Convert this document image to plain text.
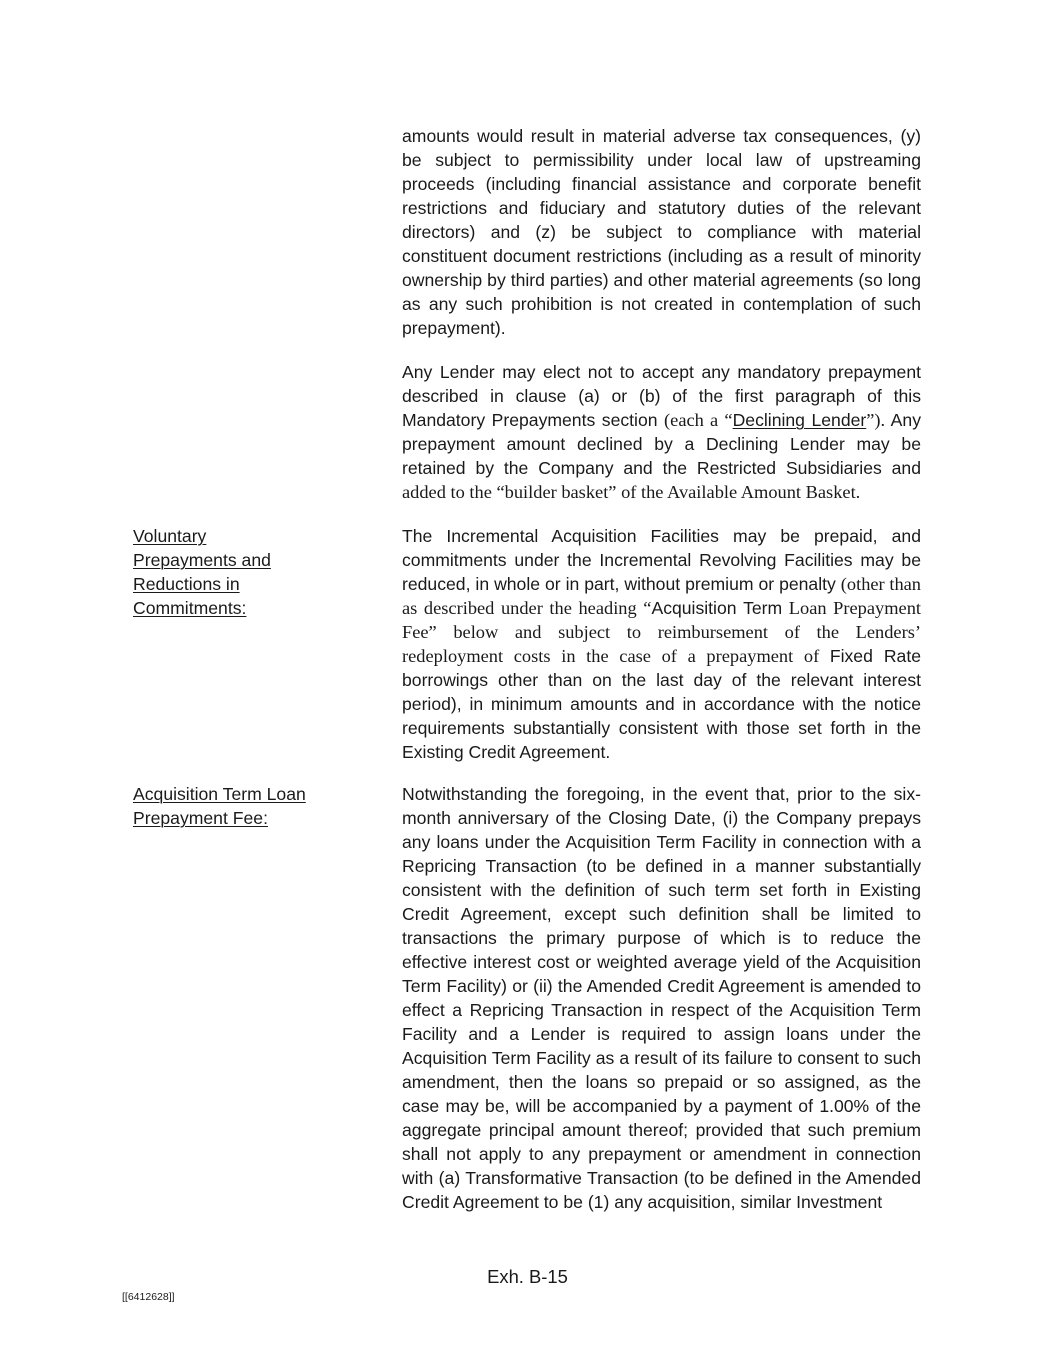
amounts would result in material adverse tax consequences, (y) be subject to permissibility under local law of upstreaming proceeds (including financial assistance and corporate benefit restrictions and fiduciary and statutory duties of the relevant directors) and (z) be subject to compliance with material constituent document restrictions (including as a result of minority ownership by third parties) and other material agreements (so long as any such prohibition is not created in contemplation of such prepayment).

Any Lender may elect not to accept any mandatory prepayment described in clause (a) or (b) of the first paragraph of this Mandatory Prepayments section (each a “Declining Lender”). Any prepayment amount declined by a Declining Lender may be retained by the Company and the Restricted Subsidiaries and added to the “builder basket” of the Available Amount Basket.

Voluntary Prepayments and Reductions in Commitments:

The Incremental Acquisition Facilities may be prepaid, and commitments under the Incremental Revolving Facilities may be reduced, in whole or in part, without premium or penalty (other than as described under the heading “Acquisition Term Loan Prepayment Fee” below and subject to reimbursement of the Lenders’ redeployment costs in the case of a prepayment of Fixed Rate borrowings other than on the last day of the relevant interest period), in minimum amounts and in accordance with the notice requirements substantially consistent with those set forth in the Existing Credit Agreement.

Acquisition Term Loan Prepayment Fee:

Notwithstanding the foregoing, in the event that, prior to the six-month anniversary of the Closing Date, (i) the Company prepays any loans under the Acquisition Term Facility in connection with a Repricing Transaction (to be defined in a manner substantially consistent with the definition of such term set forth in Existing Credit Agreement, except such definition shall be limited to transactions the primary purpose of which is to reduce the effective interest cost or weighted average yield of the Acquisition Term Facility) or (ii) the Amended Credit Agreement is amended to effect a Repricing Transaction in respect of the Acquisition Term Facility and a Lender is required to assign loans under the Acquisition Term Facility as a result of its failure to consent to such amendment, then the loans so prepaid or so assigned, as the case may be, will be accompanied by a payment of 1.00% of the aggregate principal amount thereof; provided that such premium shall not apply to any prepayment or amendment in connection with (a) Transformative Transaction (to be defined in the Amended Credit Agreement to be (1) any acquisition, similar Investment

Exh. B-15
[[6412628]]
